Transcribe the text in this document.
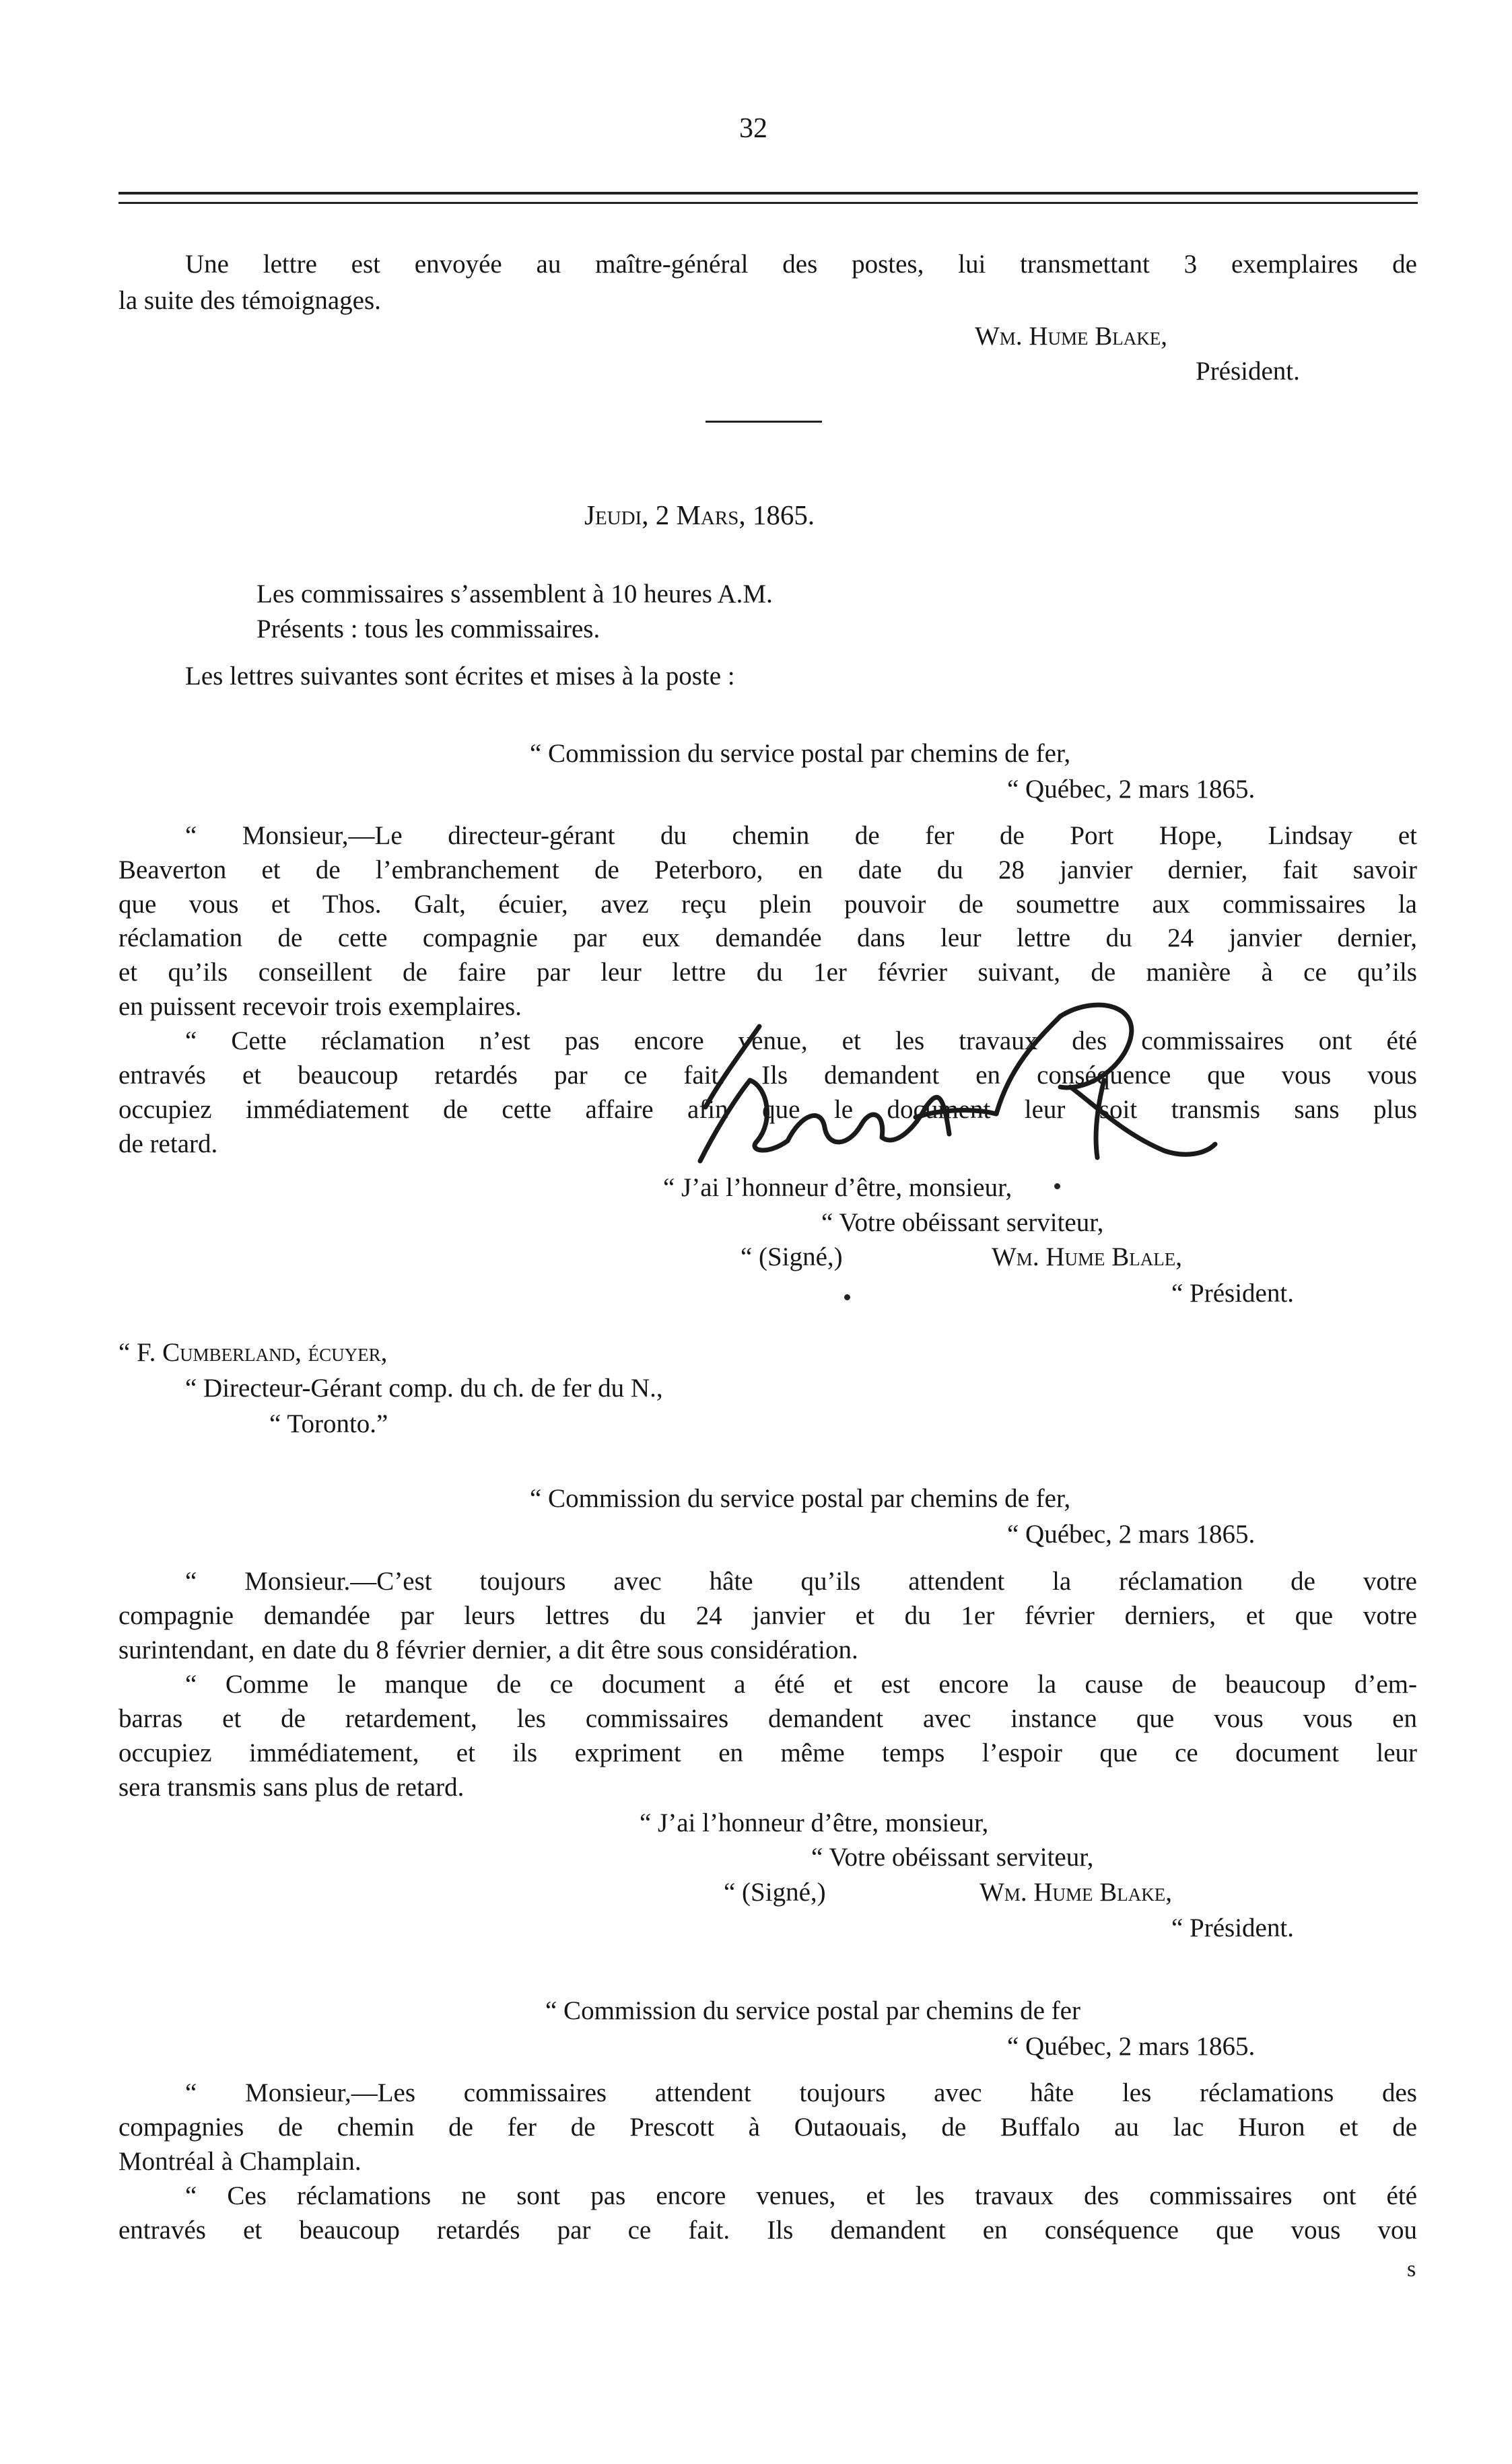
32
Une lettre est envoyée au maître-général des postes, lui transmettant 3 exemplaires de
la suite des témoignages.
Wm. Hume Blake,
Président.
Jeudi, 2 Mars, 1865.
Les commissaires s’assemblent à 10 heures A.M.
Présents : tous les commissaires.
Les lettres suivantes sont écrites et mises à la poste :
“ Commission du service postal par chemins de fer,
“ Québec, 2 mars 1865.
“ Monsieur,—Le directeur-gérant du chemin de fer de Port Hope, Lindsay et
Beaverton et de l’embranchement de Peterboro, en date du 28 janvier dernier, fait savoir
que vous et Thos. Galt, écuier, avez reçu plein pouvoir de soumettre aux commissaires la
réclamation de cette compagnie par eux demandée dans leur lettre du 24 janvier dernier,
et qu’ils conseillent de faire par leur lettre du 1er février suivant, de manière à ce qu’ils
en puissent recevoir trois exemplaires.
“ Cette réclamation n’est pas encore venue, et les travaux des commissaires ont été
entravés et beaucoup retardés par ce fait. Ils demandent en conséquence que vous vous
occupiez immédiatement de cette affaire afin que le document leur soit transmis sans plus
de retard.
“ J’ai l’honneur d’être, monsieur,
“ Votre obéissant serviteur,
“ (Signé,)	Wm. Hume Blale,
“ Président.
“ F. Cumberland, écuyer,
“ Directeur-Gérant comp. du ch. de fer du N.,
“ Toronto.”
“ Commission du service postal par chemins de fer,
“ Québec, 2 mars 1865.
“ Monsieur.—C’est toujours avec hâte qu’ils attendent la réclamation de votre
compagnie demandée par leurs lettres du 24 janvier et du 1er février derniers, et que votre
surintendant, en date du 8 février dernier, a dit être sous considération.
“ Comme le manque de ce document a été et est encore la cause de beaucoup d’em-
barras et de retardement, les commissaires demandent avec instance que vous vous en
occupiez immédiatement, et ils expriment en même temps l’espoir que ce document leur
sera transmis sans plus de retard.
“ J’ai l’honneur d’être, monsieur,
“ Votre obéissant serviteur,
“ (Signé,)	Wm. Hume Blake,
“ Président.
“ Commission du service postal par chemins de fer
“ Québec, 2 mars 1865.
“ Monsieur,—Les commissaires attendent toujours avec hâte les réclamations des
compagnies de chemin de fer de Prescott à Outaouais, de Buffalo au lac Huron et de
Montréal à Champlain.
“ Ces réclamations ne sont pas encore venues, et les travaux des commissaires ont été
entravés et beaucoup retardés par ce fait. Ils demandent en conséquence que vous vou
s
